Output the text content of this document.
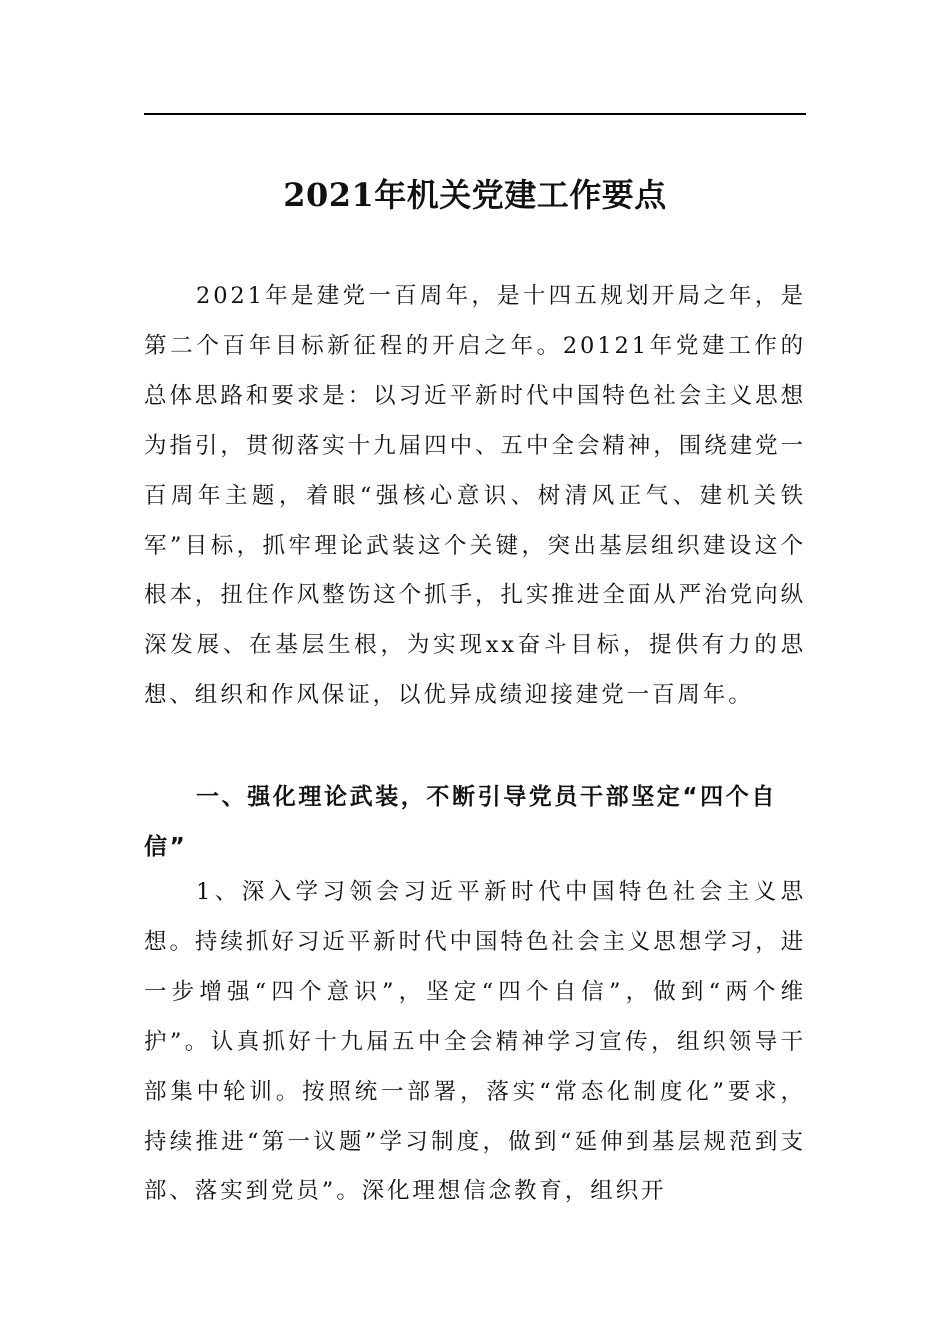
2021年机关党建工作要点

2021年是建党一百周年，是十四五规划开局之年，是第二个百年目标新征程的开启之年。20121年党建工作的总体思路和要求是：以习近平新时代中国特色社会主义思想为指引，贯彻落实十九届四中、五中全会精神，围绕建党一百周年主题，着眼“强核心意识、树清风正气、建机关铁军”目标，抓牢理论武装这个关键，突出基层组织建设这个根本，扭住作风整饬这个抓手，扎实推进全面从严治党向纵深发展、在基层生根，为实现xx奋斗目标，提供有力的思想、组织和作风保证，以优异成绩迎接建党一百周年。

一、强化理论武装，不断引导党员干部坚定“四个自信”

1、深入学习领会习近平新时代中国特色社会主义思想。持续抓好习近平新时代中国特色社会主义思想学习，进一步增强“四个意识”，坚定“四个自信”，做到“两个维护”。认真抓好十九届五中全会精神学习宣传，组织领导干部集中轮训。按照统一部署，落实“常态化制度化”要求，持续推进“第一议题”学习制度，做到“延伸到基层规范到支部、落实到党员”。深化理想信念教育，组织开
